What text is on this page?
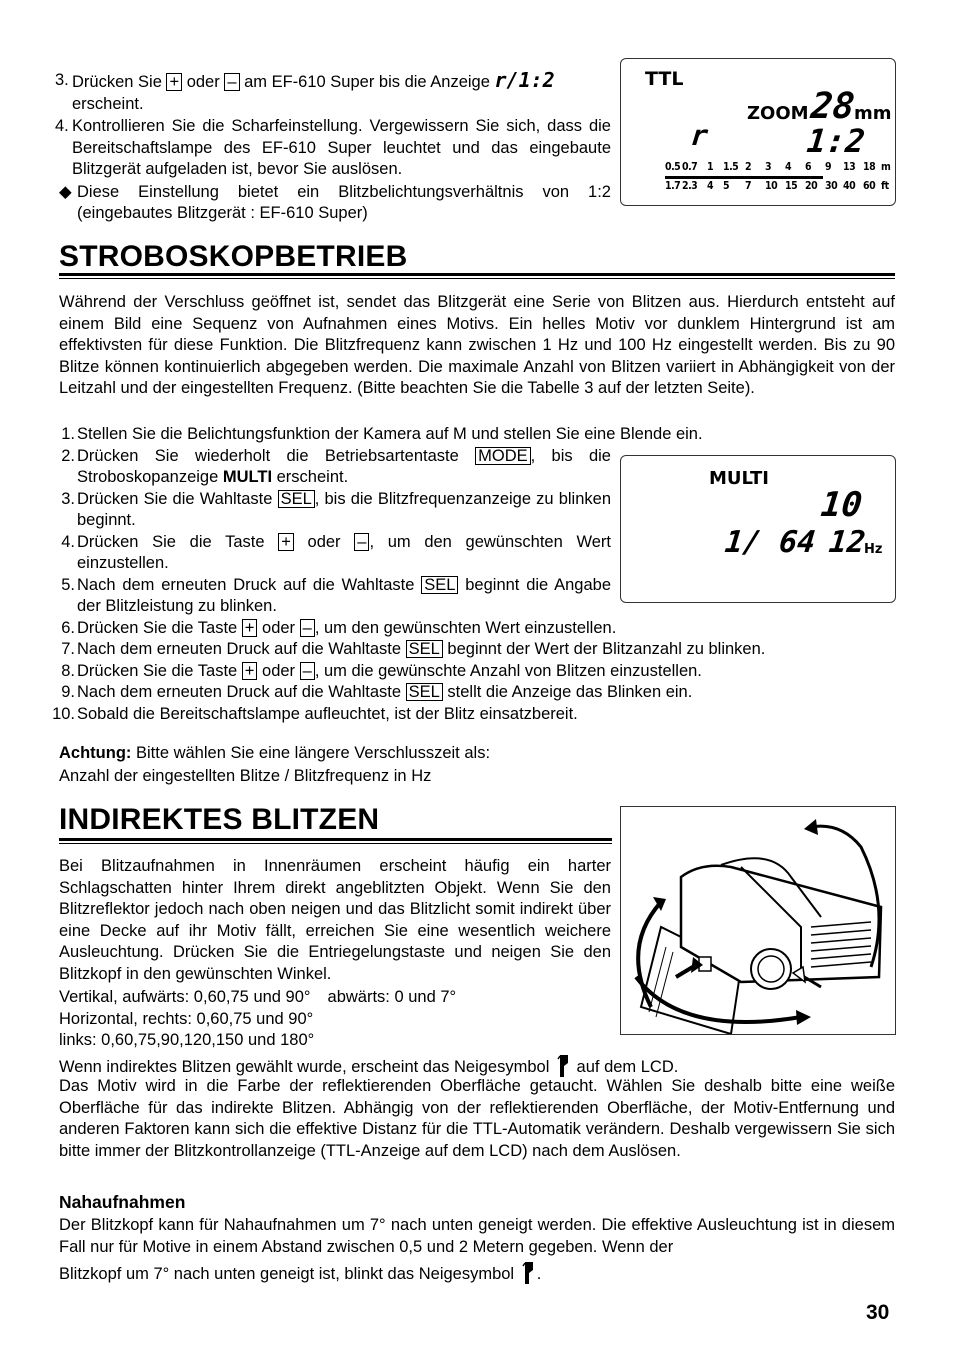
3. Drücken Sie + oder – am EF-610 Super bis die Anzeige r/1:2
erscheint.
4. Kontrollieren Sie die Scharfeinstellung. Vergewissern Sie sich, dass die Bereitschaftslampe des EF-610 Super leuchtet und das eingebaute Blitzgerät aufgeladen ist, bevor Sie auslösen.
◆ Diese Einstellung bietet ein Blitzbelichtungsverhältnis von 1:2 (eingebautes Blitzgerät : EF-610 Super)
TTL
ZOOM 28
mm
r	1:2
0.5 0.7 1 1.5 2 3 4 6 9 13 18 m
1.7 2.3 4 5 7 10 15 20 30 40 60 ft
STROBOSKOPBETRIEB
Während der Verschluss geöffnet ist, sendet das Blitzgerät eine Serie von Blitzen aus. Hierdurch entsteht auf einem Bild eine Sequenz von Aufnahmen eines Motivs. Ein helles Motiv vor dunklem Hintergrund ist am effektivsten für diese Funktion. Die Blitzfrequenz kann zwischen 1 Hz und 100 Hz eingestellt werden. Bis zu 90 Blitze können kontinuierlich abgegeben werden. Die maximale Anzahl von Blitzen variiert in Abhängigkeit von der Leitzahl und der eingestellten Frequenz. (Bitte beachten Sie die Tabelle 3 auf der letzten Seite).
1. Stellen Sie die Belichtungsfunktion der Kamera auf M und stellen Sie eine Blende ein.
2. Drücken Sie wiederholt die Betriebsartentaste MODE , bis die Stroboskopanzeige MULTI erscheint.
3. Drücken Sie die Wahltaste SEL , bis die Blitzfrequenzanzeige zu blinken beginnt.
4. Drücken Sie die Taste + oder – , um den gewünschten Wert einzustellen.
5. Nach dem erneuten Druck auf die Wahltaste SEL beginnt die Angabe der Blitzleistung zu blinken.
6. Drücken Sie die Taste + oder – , um den gewünschten Wert einzustellen.
7. Nach dem erneuten Druck auf die Wahltaste SEL beginnt der Wert der Blitzanzahl zu blinken.
8. Drücken Sie die Taste + oder – , um die gewünschte Anzahl von Blitzen einzustellen.
9. Nach dem erneuten Druck auf die Wahltaste SEL stellt die Anzeige das Blinken ein.
10. Sobald die Bereitschaftslampe aufleuchtet, ist der Blitz einsatzbereit.
MULTI
10
1/ 64 12
Hz
Achtung: Bitte wählen Sie eine längere Verschlusszeit als:
Anzahl der eingestellten Blitze / Blitzfrequenz in Hz
INDIREKTES BLITZEN
Bei Blitzaufnahmen in Innenräumen erscheint häufig ein harter Schlagschatten hinter Ihrem direkt angeblitzten Objekt. Wenn Sie den Blitzreflektor jedoch nach oben neigen und das Blitzlicht somit indirekt über eine Decke auf ihr Motiv fällt, erreichen Sie eine wesentlich weichere Ausleuchtung. Drücken Sie die Entriegelungstaste und neigen Sie den Blitzkopf in den gewünschten Winkel.
Vertikal, aufwärts: 0,60,75 und 90° abwärts: 0 und 7°
Horizontal, rechts: 0,60,75 und 90°
links: 0,60,75,90,120,150 und 180°
Wenn indirektes Blitzen gewählt wurde, erscheint das Neigesymbol  auf dem LCD.
Das Motiv wird in die Farbe der reflektierenden Oberfläche getaucht. Wählen Sie deshalb bitte eine weiße Oberfläche für das indirekte Blitzen. Abhängig von der reflektierenden Oberfläche, der Motiv-Entfernung und anderen Faktoren kann sich die effektive Distanz für die TTL-Automatik verändern. Deshalb vergewissern Sie sich bitte immer der Blitzkontrollanzeige (TTL-Anzeige auf dem LCD) nach dem Auslösen.
Nahaufnahmen
Der Blitzkopf kann für Nahaufnahmen um 7° nach unten geneigt werden. Die effektive Ausleuchtung ist in diesem Fall nur für Motive in einem Abstand zwischen 0,5 und 2 Metern gegeben. Wenn der
Blitzkopf um 7° nach unten geneigt ist, blinkt das Neigesymbol .
30
